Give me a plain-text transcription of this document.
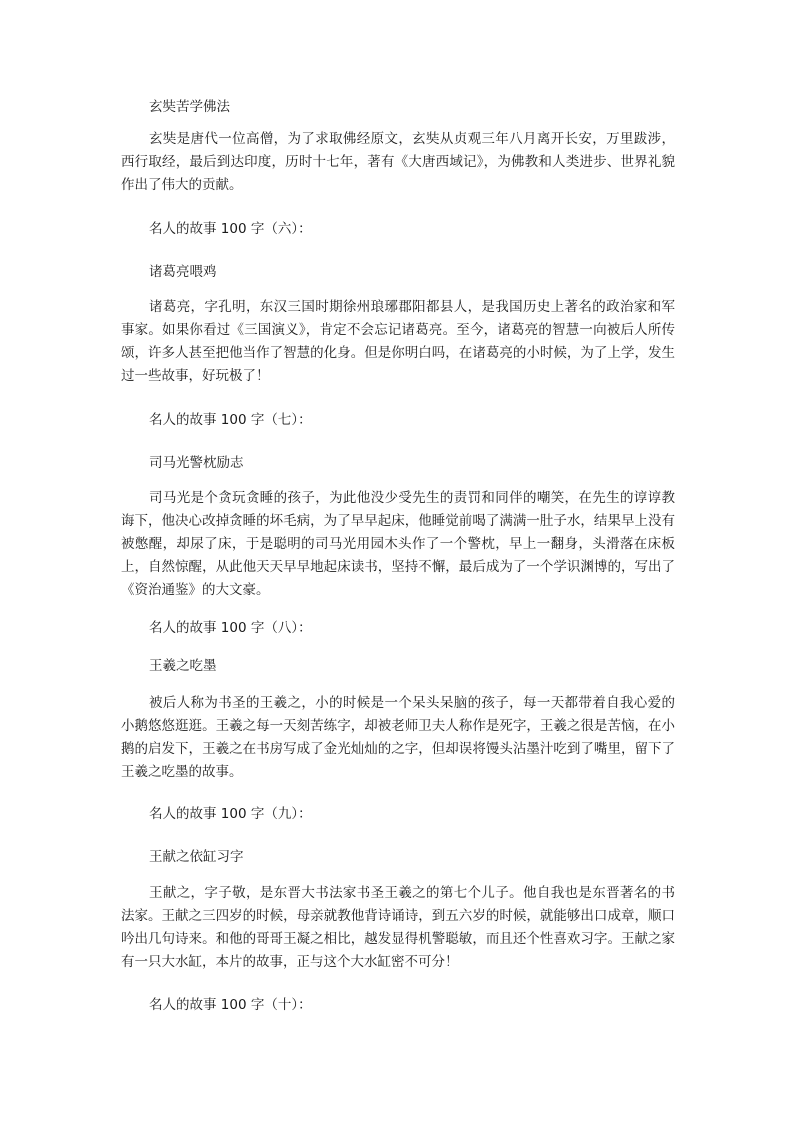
玄奘苦学佛法
玄奘是唐代一位高僧，为了求取佛经原文，玄奘从贞观三年八月离开长安，万里跋涉，西行取经，最后到达印度，历时十七年，著有《大唐西域记》，为佛教和人类进步、世界礼貌作出了伟大的贡献。
名人的故事 100 字（六）：
诸葛亮喂鸡
诸葛亮，字孔明，东汉三国时期徐州琅琊郡阳都县人，是我国历史上著名的政治家和军事家。如果你看过《三国演义》，肯定不会忘记诸葛亮。至今，诸葛亮的智慧一向被后人所传颂，许多人甚至把他当作了智慧的化身。但是你明白吗，在诸葛亮的小时候，为了上学，发生过一些故事，好玩极了！
名人的故事 100 字（七）：
司马光警枕励志
司马光是个贪玩贪睡的孩子，为此他没少受先生的责罚和同伴的嘲笑，在先生的谆谆教诲下，他决心改掉贪睡的坏毛病，为了早早起床，他睡觉前喝了满满一肚子水，结果早上没有被憋醒，却尿了床，于是聪明的司马光用园木头作了一个警枕，早上一翻身，头滑落在床板上，自然惊醒，从此他天天早早地起床读书，坚持不懈，最后成为了一个学识渊博的，写出了《资治通鉴》的大文豪。
名人的故事 100 字（八）：
王羲之吃墨
被后人称为书圣的王羲之，小的时候是一个呆头呆脑的孩子，每一天都带着自我心爱的小鹅悠悠逛逛。王羲之每一天刻苦练字，却被老师卫夫人称作是死字，王羲之很是苦恼，在小鹅的启发下，王羲之在书房写成了金光灿灿的之字，但却误将馒头沾墨汁吃到了嘴里，留下了王羲之吃墨的故事。
名人的故事 100 字（九）：
王献之依缸习字
王献之，字子敬，是东晋大书法家书圣王羲之的第七个儿子。他自我也是东晋著名的书法家。王献之三四岁的时候，母亲就教他背诗诵诗，到五六岁的时候，就能够出口成章，顺口吟出几句诗来。和他的哥哥王凝之相比，越发显得机警聪敏，而且还个性喜欢习字。王献之家有一只大水缸，本片的故事，正与这个大水缸密不可分！
名人的故事 100 字（十）：
